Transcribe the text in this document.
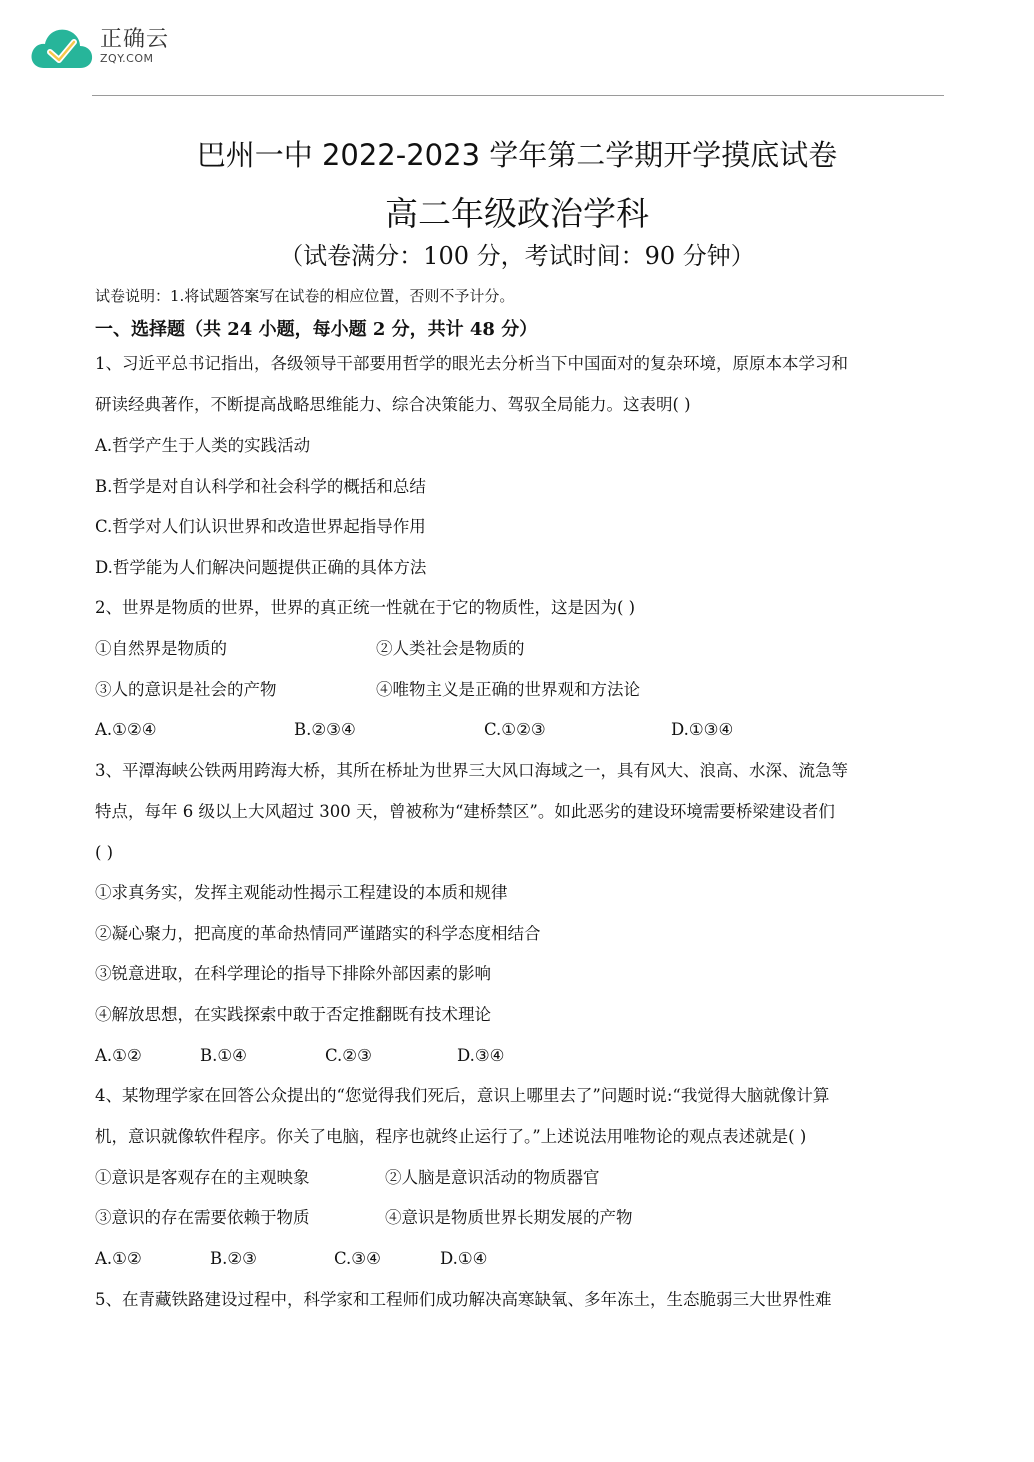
正确云
ZQY.COM
巴州一中 2022-2023 学年第二学期开学摸底试卷
高二年级政治学科
（试卷满分：100 分，考试时间：90 分钟）
试卷说明：1.将试题答案写在试卷的相应位置，否则不予计分。
一、选择题（共 24 小题，每小题 2 分，共计 48 分）
1、习近平总书记指出，各级领导干部要用哲学的眼光去分析当下中国面对的复杂环境，原原本本学习和
研读经典著作，不断提高战略思维能力、综合决策能力、驾驭全局能力。这表明( )
A.哲学产生于人类的实践活动
B.哲学是对自认科学和社会科学的概括和总结
C.哲学对人们认识世界和改造世界起指导作用
D.哲学能为人们解决问题提供正确的具体方法
2、世界是物质的世界，世界的真正统一性就在于它的物质性，这是因为( )
①自然界是物质的	②人类社会是物质的
③人的意识是社会的产物	④唯物主义是正确的世界观和方法论
A.①②④	B.②③④	C.①②③	D.①③④
3、平潭海峡公铁两用跨海大桥，其所在桥址为世界三大风口海域之一，具有风大、浪高、水深、流急等
特点，每年 6 级以上大风超过 300 天，曾被称为“建桥禁区”。如此恶劣的建设环境需要桥梁建设者们
( )
①求真务实，发挥主观能动性揭示工程建设的本质和规律
②凝心聚力，把高度的革命热情同严谨踏实的科学态度相结合
③锐意进取，在科学理论的指导下排除外部因素的影响
④解放思想，在实践探索中敢于否定推翻既有技术理论
A.①②	B.①④	C.②③	D.③④
4、某物理学家在回答公众提出的“您觉得我们死后，意识上哪里去了”问题时说:“我觉得大脑就像计算
机，意识就像软件程序。你关了电脑，程序也就终止运行了。”上述说法用唯物论的观点表述就是( )
①意识是客观存在的主观映象	②人脑是意识活动的物质器官
③意识的存在需要依赖于物质	④意识是物质世界长期发展的产物
A.①②	B.②③	C.③④	D.①④
5、在青藏铁路建设过程中，科学家和工程师们成功解决高寒缺氧、多年冻土，生态脆弱三大世界性难
